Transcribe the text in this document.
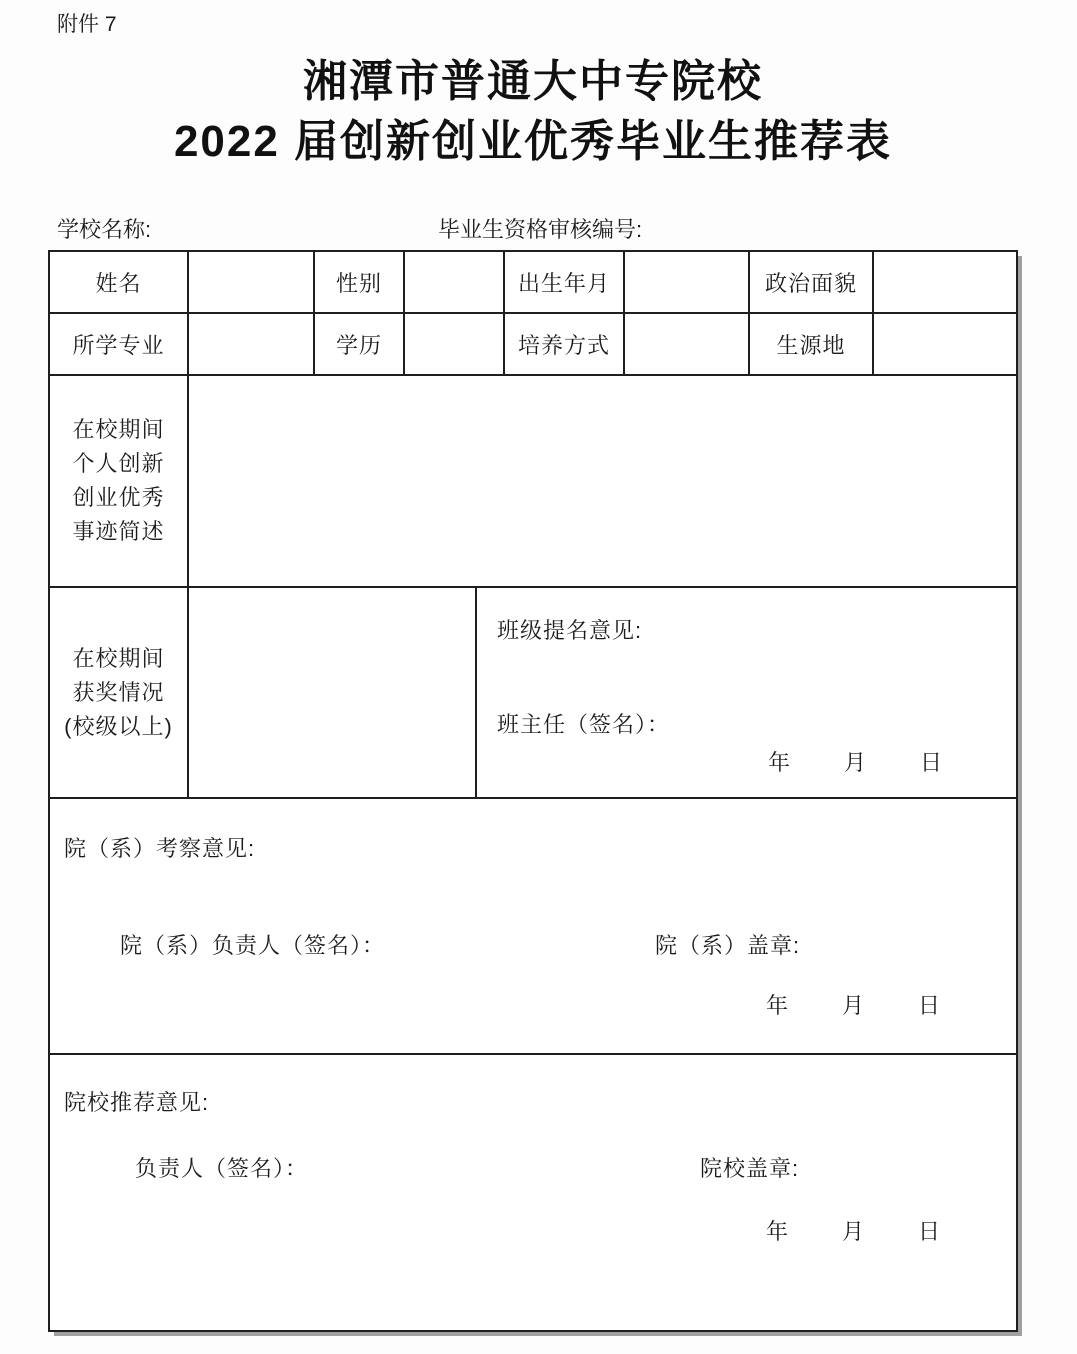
附件 7
湘潭市普通大中专院校
2022 届创新创业优秀毕业生推荐表
学校名称:	毕业生资格审核编号:
姓名	性别	出生年月	政治面貌
所学专业	学历	培养方式	生源地
在校期间
个人创新
创业优秀
事迹简述
在校期间
获奖情况
(校级以上)
班级提名意见:
班主任（签名）：
年 月 日
院（系）考察意见:
院（系）负责人（签名）：	院（系）盖章:
年 月 日
院校推荐意见:
负责人（签名）：	院校盖章:
年 月 日
